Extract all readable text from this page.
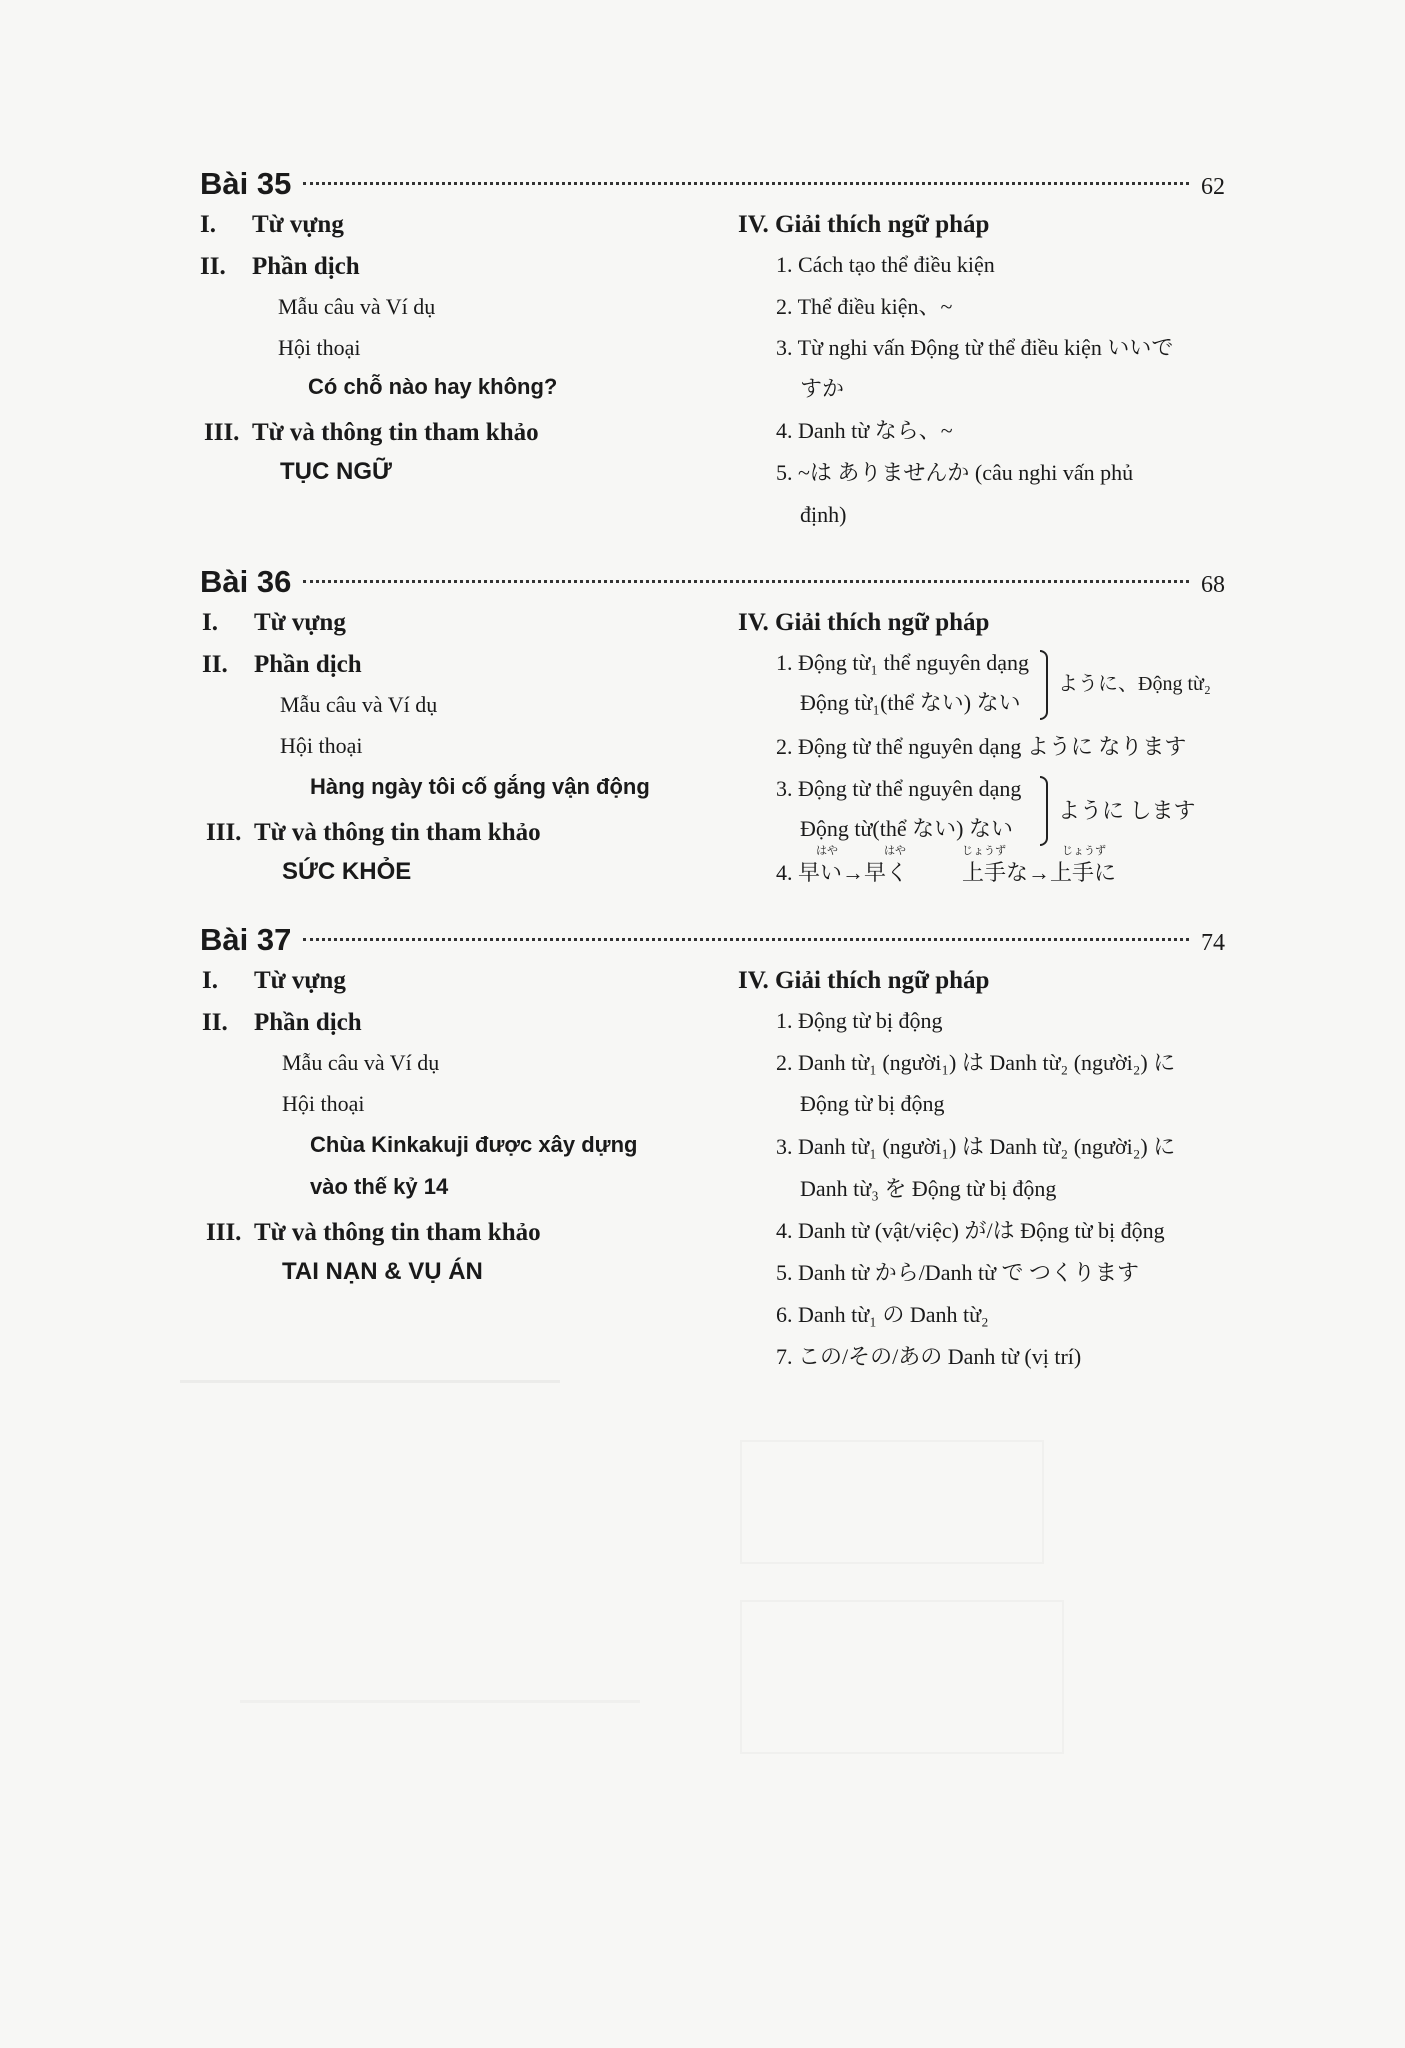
Bài 35	62
I. Từ vựng
II. Phần dịch
Mẫu câu và Ví dụ
Hội thoại
Có chỗ nào hay không?
III. Từ và thông tin tham khảo
TỤC NGỮ
IV. Giải thích ngữ pháp
1. Cách tạo thể điều kiện
2. Thể điều kiện、~
3. Từ nghi vấn Động từ thể điều kiện いいで
すか
4. Danh từ なら、~
5. ~は ありませんか (câu nghi vấn phủ
định)
Bài 36	68
I. Từ vựng
II. Phần dịch
Mẫu câu và Ví dụ
Hội thoại
Hàng ngày tôi cố gắng vận động
III. Từ và thông tin tham khảo
SỨC KHỎE
IV. Giải thích ngữ pháp
1. Động từ₁ thể nguyên dạng
Động từ₁(thể ない) ない
ように、Động từ₂
2. Động từ thể nguyên dạng ように なります
3. Động từ thể nguyên dạng
Động từ(thể ない) ない
ように します
はや	はや	じょうず	じょうず
4. 早い→早く 上手な→上手に
Bài 37	74
I. Từ vựng
II. Phần dịch
Mẫu câu và Ví dụ
Hội thoại
Chùa Kinkakuji được xây dựng
vào thế kỷ 14
III. Từ và thông tin tham khảo
TAI NẠN & VỤ ÁN
IV. Giải thích ngữ pháp
1. Động từ bị động
2. Danh từ₁ (người₁) は Danh từ₂ (người₂) に
Động từ bị động
3. Danh từ₁ (người₁) は Danh từ₂ (người₂) に
Danh từ₃ を Động từ bị động
4. Danh từ (vật/việc) が/は Động từ bị động
5. Danh từ から/Danh từ で つくります
6. Danh từ₁ の Danh từ₂
7. この/その/あの Danh từ (vị trí)
